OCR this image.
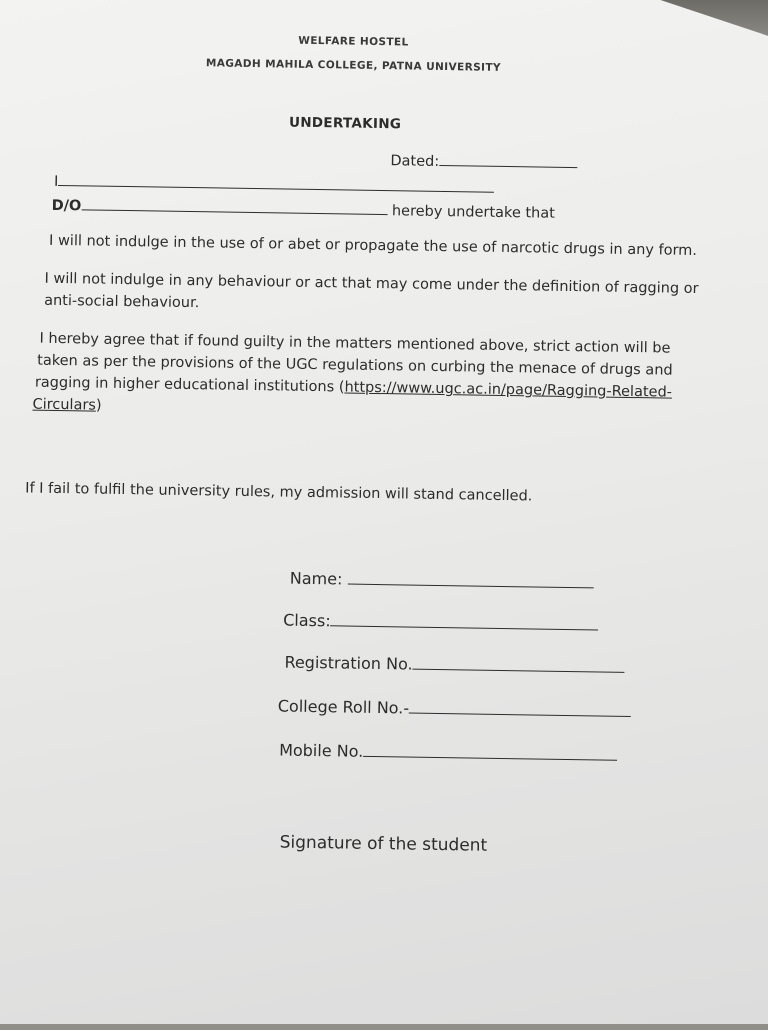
WELFARE HOSTEL
MAGADH MAHILA COLLEGE, PATNA UNIVERSITY
UNDERTAKING
Dated:
I
D/O	hereby undertake that
I will not indulge in the use of or abet or propagate the use of narcotic drugs in any form.
I will not indulge in any behaviour or act that may come under the definition of ragging or
anti-social behaviour.
I hereby agree that if found guilty in the matters mentioned above, strict action will be
taken as per the provisions of the UGC regulations on curbing the menace of drugs and
ragging in higher educational institutions (https://www.ugc.ac.in/page/Ragging-Related-
Circulars)
If I fail to fulfil the university rules, my admission will stand cancelled.
Name:
Class:
Registration No.
College Roll No.-
Mobile No.
Signature of the student
